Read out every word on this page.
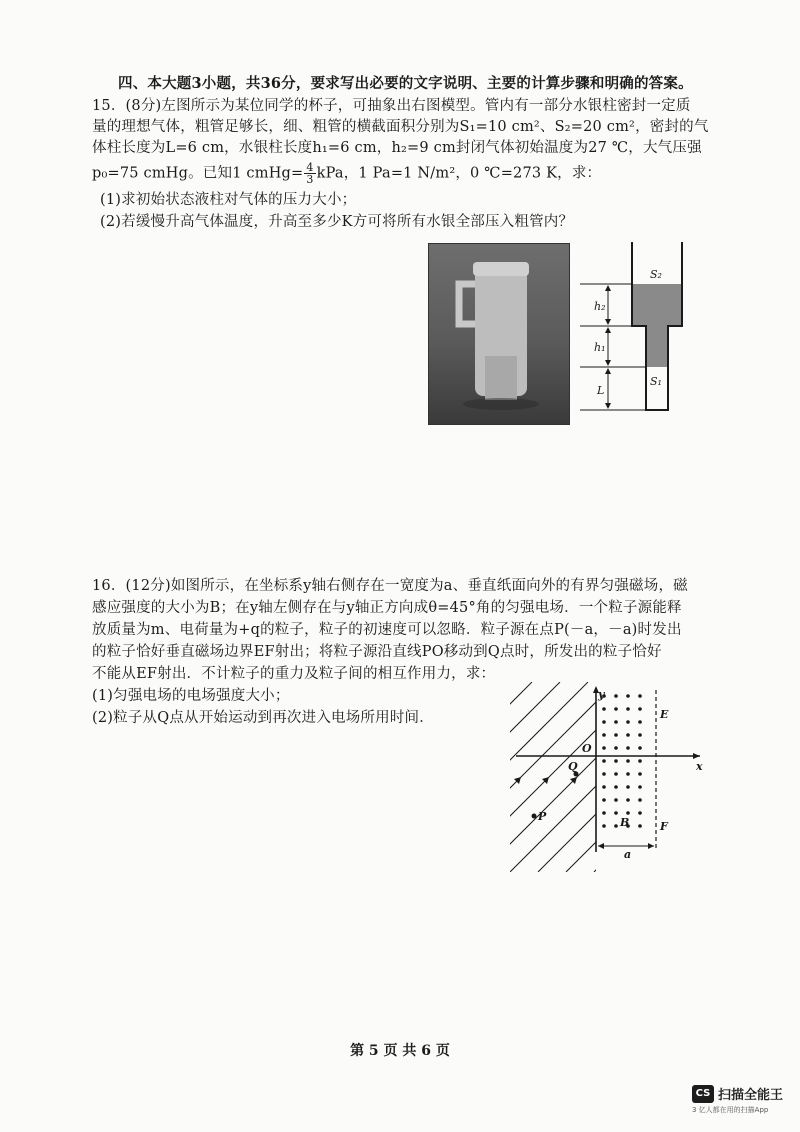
四、本大题3小题，共36分，要求写出必要的文字说明、主要的计算步骤和明确的答案。
15．(8分)左图所示为某位同学的杯子，可抽象出右图模型。管内有一部分水银柱密封一定质
量的理想气体，粗管足够长，细、粗管的横截面积分别为S₁=10 cm²、S₂=20 cm²，密封的气
体柱长度为L=6 cm，水银柱长度h₁=6 cm，h₂=9 cm封闭气体初始温度为27 ℃，大气压强
p₀=75 cmHg。已知1 cmHg= $\frac{4}{3}$ kPa，1 Pa=1 N/m²，0 ℃=273 K，求：
(1)求初始状态液柱对气体的压力大小；
(2)若缓慢升高气体温度，升高至多少K方可将所有水银全部压入粗管内？
S₂
h₂
h₁
L
S₁
16．(12分)如图所示，在坐标系y轴右侧存在一宽度为a、垂直纸面向外的有界匀强磁场，磁
感应强度的大小为B；在y轴左侧存在与y轴正方向成θ=45°角的匀强电场．一个粒子源能释
放质量为m、电荷量为+q的粒子，粒子的初速度可以忽略．粒子源在点P(－a，－a)时发出
的粒子恰好垂直磁场边界EF射出；将粒子源沿直线PO移动到Q点时，所发出的粒子恰好
不能从EF射出．不计粒子的重力及粒子间的相互作用力，求：
(1)匀强电场的电场强度大小；
(2)粒子从Q点从开始运动到再次进入电场所用时间．
y
x
O
Q
P
E
F
B
a
第 5 页 共 6 页
CS 扫描全能王
3 亿人都在用的扫描App
